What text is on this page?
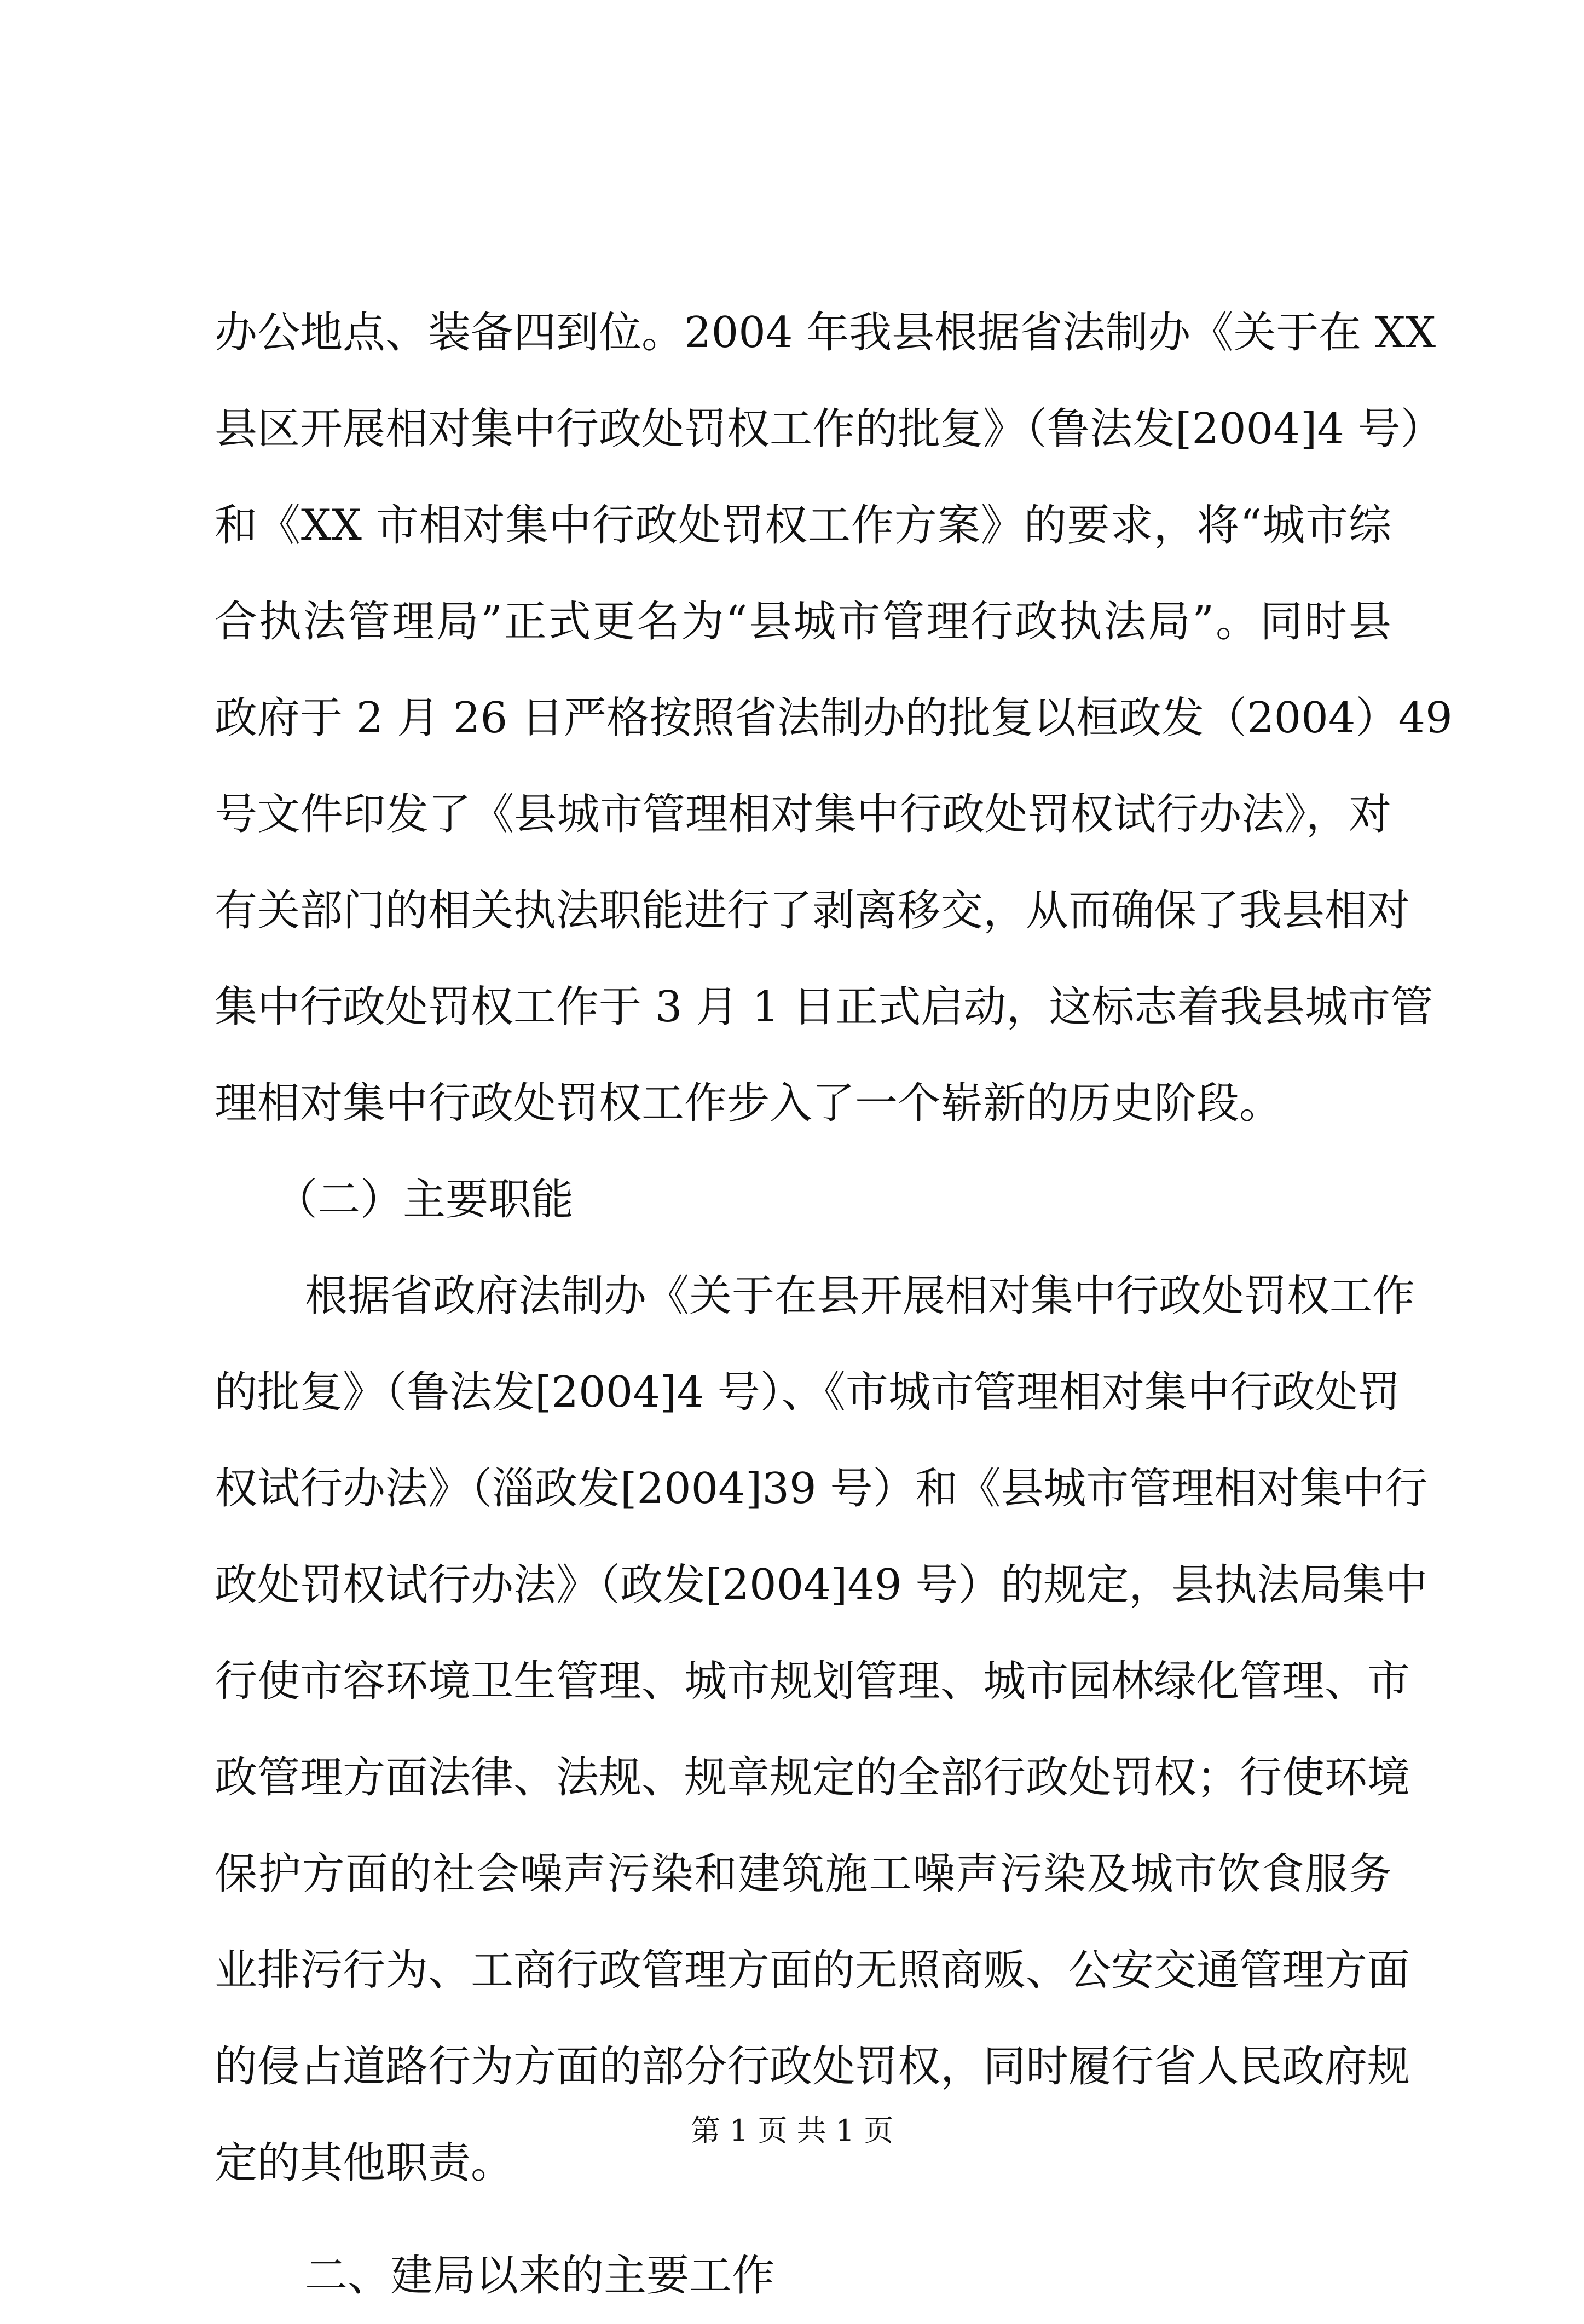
办公地点、装备四到位。2004 年我县根据省法制办《关于在 XX
县区开展相对集中行政处罚权工作的批复》（鲁法发[2004]4 号）
和《XX 市相对集中行政处罚权工作方案》的要求，将“城市综
合执法管理局”正式更名为“县城市管理行政执法局”。同时县
政府于 2 月 26 日严格按照省法制办的批复以桓政发（2004）49
号文件印发了《县城市管理相对集中行政处罚权试行办法》，对
有关部门的相关执法职能进行了剥离移交，从而确保了我县相对
集中行政处罚权工作于 3 月 1 日正式启动，这标志着我县城市管
理相对集中行政处罚权工作步入了一个崭新的历史阶段。
（二）主要职能
根据省政府法制办《关于在县开展相对集中行政处罚权工作
的批复》（鲁法发[2004]4 号）、《市城市管理相对集中行政处罚
权试行办法》（淄政发[2004]39 号）和《县城市管理相对集中行
政处罚权试行办法》（政发[2004]49 号）的规定，县执法局集中
行使市容环境卫生管理、城市规划管理、城市园林绿化管理、市
政管理方面法律、法规、规章规定的全部行政处罚权；行使环境
保护方面的社会噪声污染和建筑施工噪声污染及城市饮食服务
业排污行为、工商行政管理方面的无照商贩、公安交通管理方面
的侵占道路行为方面的部分行政处罚权，同时履行省人民政府规
定的其他职责。
二、建局以来的主要工作
第 1 页 共 1 页
